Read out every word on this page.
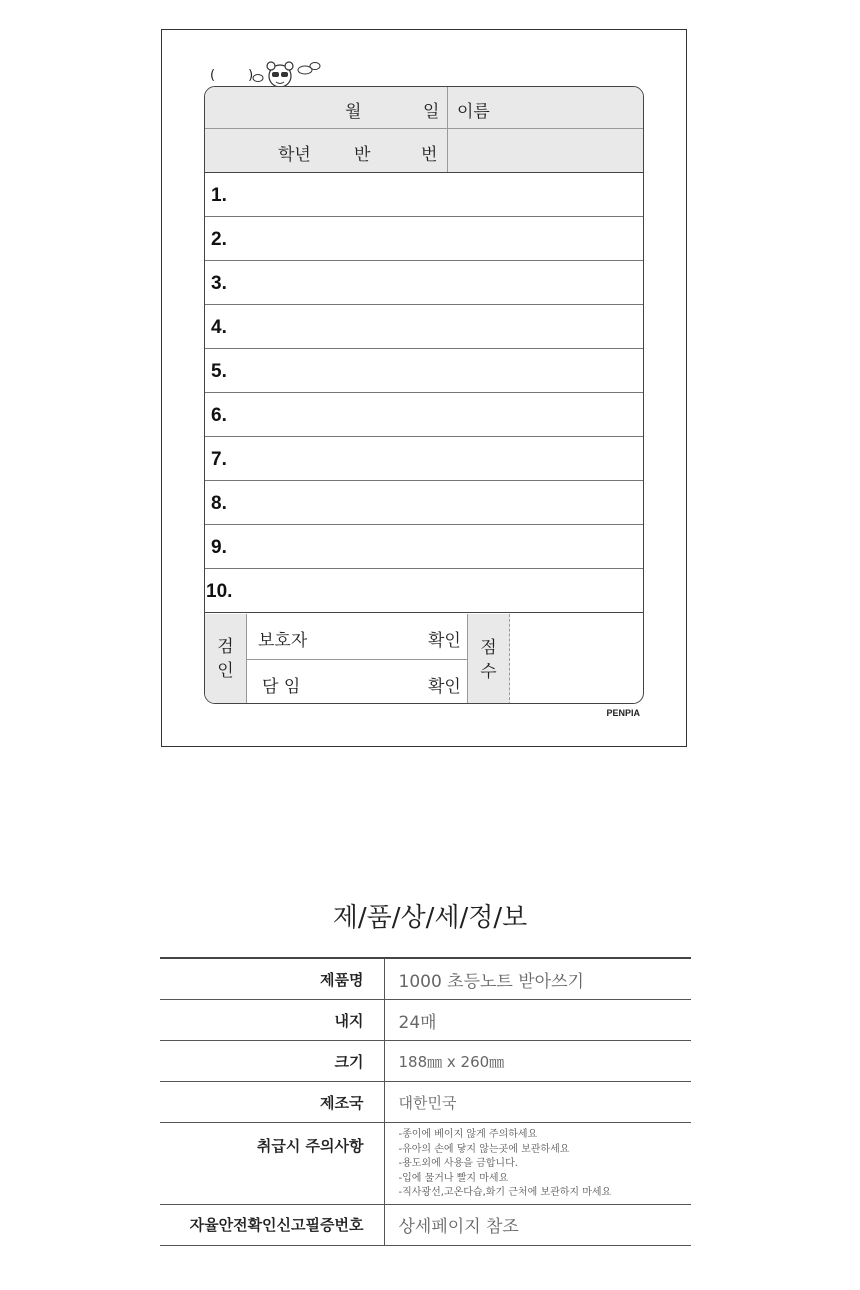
(        )
월	일 이름
학년	반	번
1.
2.
3.
4.
5.
6.
7.
8.
9.
10.
검
인
보호자	확인
담 임	확인
점
수
PENPIA
제/품/상/세/정/보
제품명	1000 초등노트 받아쓰기
내지	24매
크기	188㎜ x 260㎜
제조국	대한민국
취급시 주의사항	-종이에 베이지 않게 주의하세요
-유아의 손에 닿지 않는곳에 보관하세요
-용도외에 사용을 금합니다.
-입에 물거나 빨지 마세요
-직사광선,고온다습,화기 근처에 보관하지 마세요

자율안전확인신고필증번호	상세페이지 참조
